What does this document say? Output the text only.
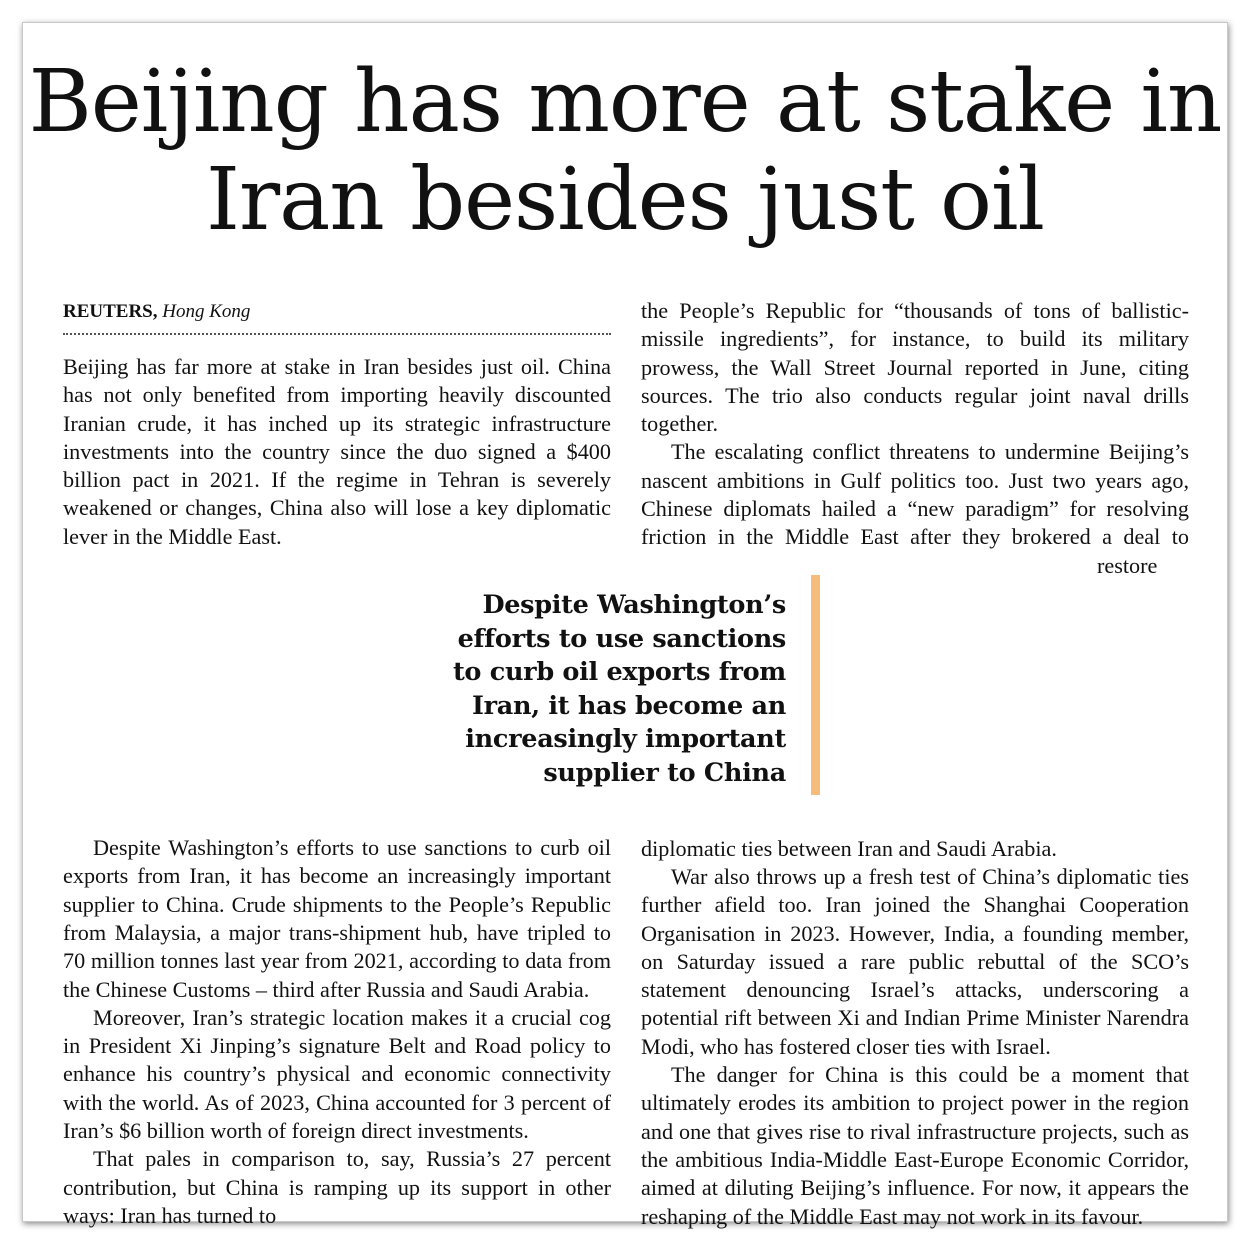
Beijing has more at stake in Iran besides just oil
REUTERS, Hong Kong

Beijing has far more at stake in Iran besides just oil. China has not only benefited from importing heavily discounted Iranian crude, it has inched up its strategic infrastructure investments into the country since the duo signed a $400 billion pact in 2021. If the regime in Tehran is severely weakened or changes, China also will lose a key diplomatic lever in the Middle East.

Despite Washington’s efforts to use sanctions to curb oil exports from Iran, it has become an increasingly important supplier to China. Crude shipments to the People’s Republic from Malaysia, a major trans-shipment hub, have tripled to 70 million tonnes last year from 2021, according to data from the Chinese Customs – third after Russia and Saudi Arabia.

Moreover, Iran’s strategic location makes it a crucial cog in President Xi Jinping’s signature Belt and Road policy to enhance his country’s physical and economic connectivity with the world. As of 2023, China accounted for 3 percent of Iran’s $6 billion worth of foreign direct investments.

That pales in comparison to, say, Russia’s 27 percent contribution, but China is ramping up its support in other ways: Iran has turned to

the People’s Republic for “thousands of tons of ballistic-missile ingredients”, for instance, to build its military prowess, the Wall Street Journal reported in June, citing sources. The trio also conducts regular joint naval drills together.

The escalating conflict threatens to undermine Beijing’s nascent ambitions in Gulf politics too. Just two years ago, Chinese diplomats hailed a “new paradigm” for resolving friction in the
Middle East after they brokered a deal to restore diplomatic ties between Iran and Saudi Arabia.

War also throws up a fresh test of China’s diplomatic ties further afield too. Iran joined the Shanghai Cooperation Organisation in 2023. However, India, a founding member, on Saturday issued a rare public rebuttal of the SCO’s statement denouncing Israel’s attacks, underscoring a potential rift between Xi and Indian Prime Minister Narendra Modi, who has fostered closer ties with Israel.

The danger for China is this could be a moment that ultimately erodes its ambition to project power in the region and one that gives rise to rival infrastructure projects, such as the ambitious India-Middle East-Europe Economic Corridor, aimed at diluting Beijing’s influence. For now, it appears the reshaping of the Middle East may not work in its favour.

Despite Washington’s efforts to use sanctions to curb oil exports from Iran, it has become an increasingly important supplier to China
